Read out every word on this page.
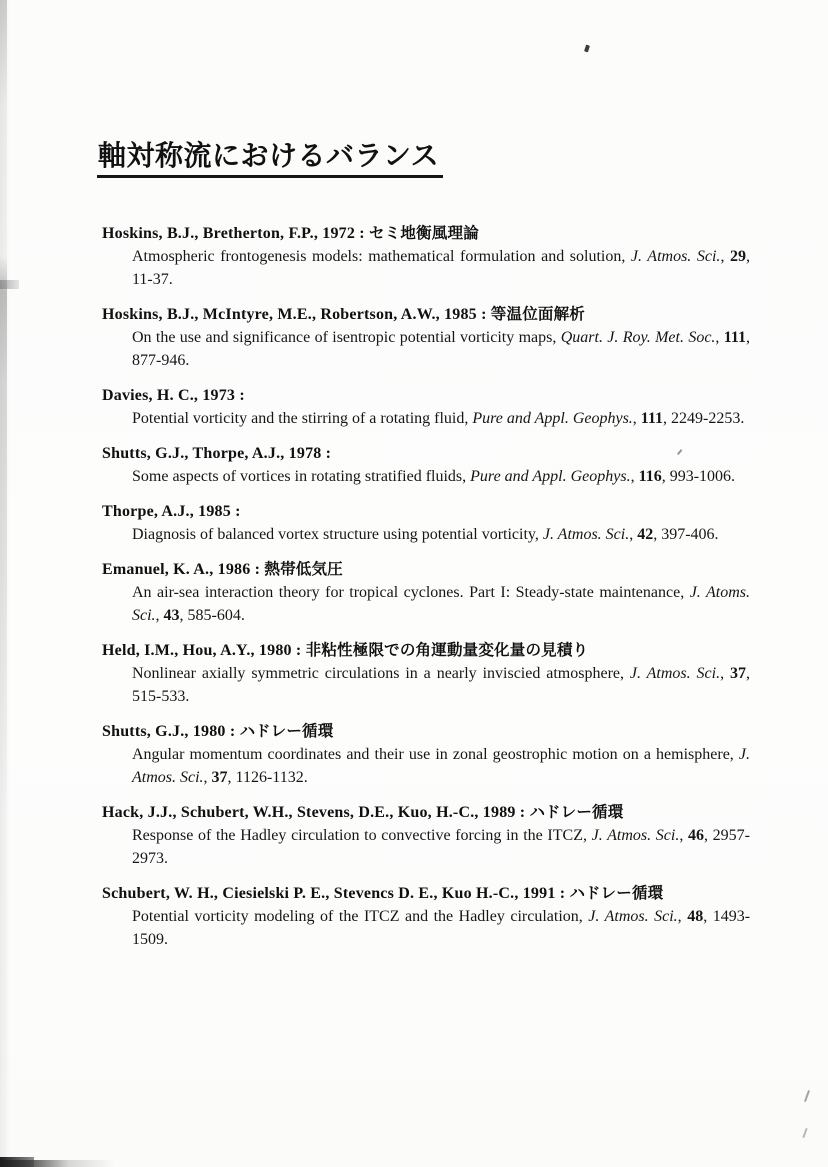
軸対称流におけるバランス
Hoskins, B.J., Bretherton, F.P., 1972 : セミ地衡風理論
Atmospheric frontogenesis models: mathematical formulation and solution, J. Atmos. Sci., 29, 11-37.
Hoskins, B.J., McIntyre, M.E., Robertson, A.W., 1985 : 等温位面解析
On the use and significance of isentropic potential vorticity maps, Quart. J. Roy. Met. Soc., 111, 877-946.
Davies, H. C., 1973 :
Potential vorticity and the stirring of a rotating fluid, Pure and Appl. Geophys., 111, 2249-2253.
Shutts, G.J., Thorpe, A.J., 1978 :
Some aspects of vortices in rotating stratified fluids, Pure and Appl. Geophys., 116, 993-1006.
Thorpe, A.J., 1985 :
Diagnosis of balanced vortex structure using potential vorticity, J. Atmos. Sci., 42, 397-406.
Emanuel, K. A., 1986 : 熱帯低気圧
An air-sea interaction theory for tropical cyclones. Part I: Steady-state maintenance, J. Atoms. Sci., 43, 585-604.
Held, I.M., Hou, A.Y., 1980 : 非粘性極限での角運動量変化量の見積り
Nonlinear axially symmetric circulations in a nearly inviscied atmosphere, J. Atmos. Sci., 37, 515-533.
Shutts, G.J., 1980 : ハドレー循環
Angular momentum coordinates and their use in zonal geostrophic motion on a hemisphere, J. Atmos. Sci., 37, 1126-1132.
Hack, J.J., Schubert, W.H., Stevens, D.E., Kuo, H.-C., 1989 : ハドレー循環
Response of the Hadley circulation to convective forcing in the ITCZ, J. Atmos. Sci., 46, 2957-2973.
Schubert, W. H., Ciesielski P. E., Stevencs D. E., Kuo H.-C., 1991 : ハドレー循環
Potential vorticity modeling of the ITCZ and the Hadley circulation, J. Atmos. Sci., 48, 1493-1509.
